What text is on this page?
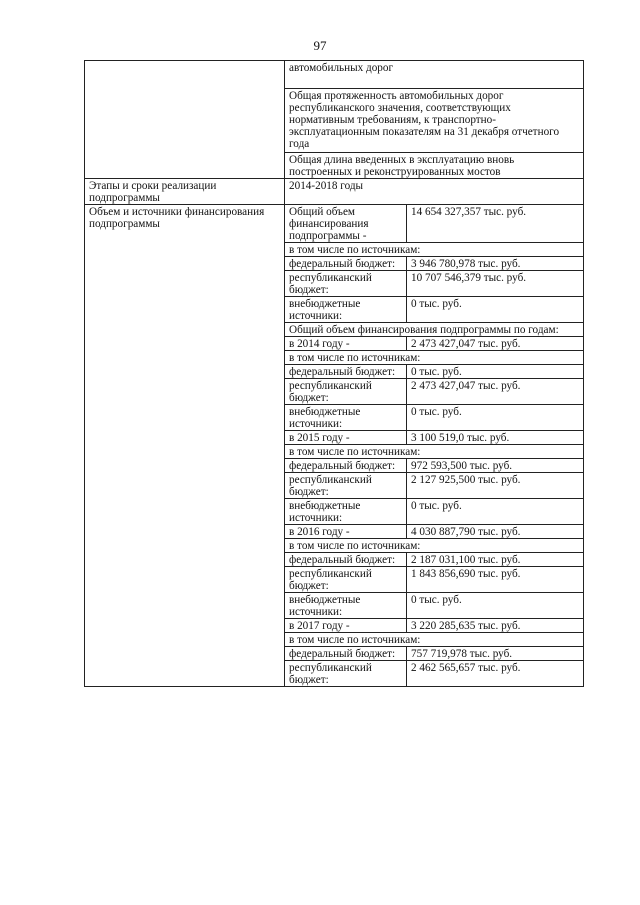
97
	автомобильных дорог	
	Общая протяженность автомобильных дорог республиканского значения, соответствующих нормативным требованиям, к транспортно-эксплуатационным показателям на 31 декабря отчетного года	
	Общая длина введенных в эксплуатацию вновь построенных и реконструированных мостов	
Этапы и сроки реализации подпрограммы	2014-2018 годы	
Объем и источники финансирования подпрограммы	Общий объем финансирования подпрограммы -	14 654 327,357 тыс. руб.
	в том числе по источникам:	
	федеральный бюджет:	3 946 780,978 тыс. руб.
	республиканский бюджет:	10 707 546,379 тыс. руб.
	внебюджетные источники:	0 тыс. руб.
	Общий объем финансирования подпрограммы по годам:	
	в 2014 году -	2 473 427,047 тыс. руб.
	в том числе по источникам:	
	федеральный бюджет:	0 тыс. руб.
	республиканский бюджет:	2 473 427,047 тыс. руб.
	внебюджетные источники:	0 тыс. руб.
	в 2015 году -	3 100 519,0 тыс. руб.
	в том числе по источникам:	
	федеральный бюджет:	972 593,500 тыс. руб.
	республиканский бюджет:	2 127 925,500 тыс. руб.
	внебюджетные источники:	0 тыс. руб.
	в 2016 году -	4 030 887,790 тыс. руб.
	в том числе по источникам:	
	федеральный бюджет:	2 187 031,100 тыс. руб.
	республиканский бюджет:	1 843 856,690 тыс. руб.
	внебюджетные источники:	0 тыс. руб.
	в 2017 году -	3 220 285,635 тыс. руб.
	в том числе по источникам:	
	федеральный бюджет:	757 719,978 тыс. руб.
	республиканский бюджет:	2 462 565,657 тыс. руб.
